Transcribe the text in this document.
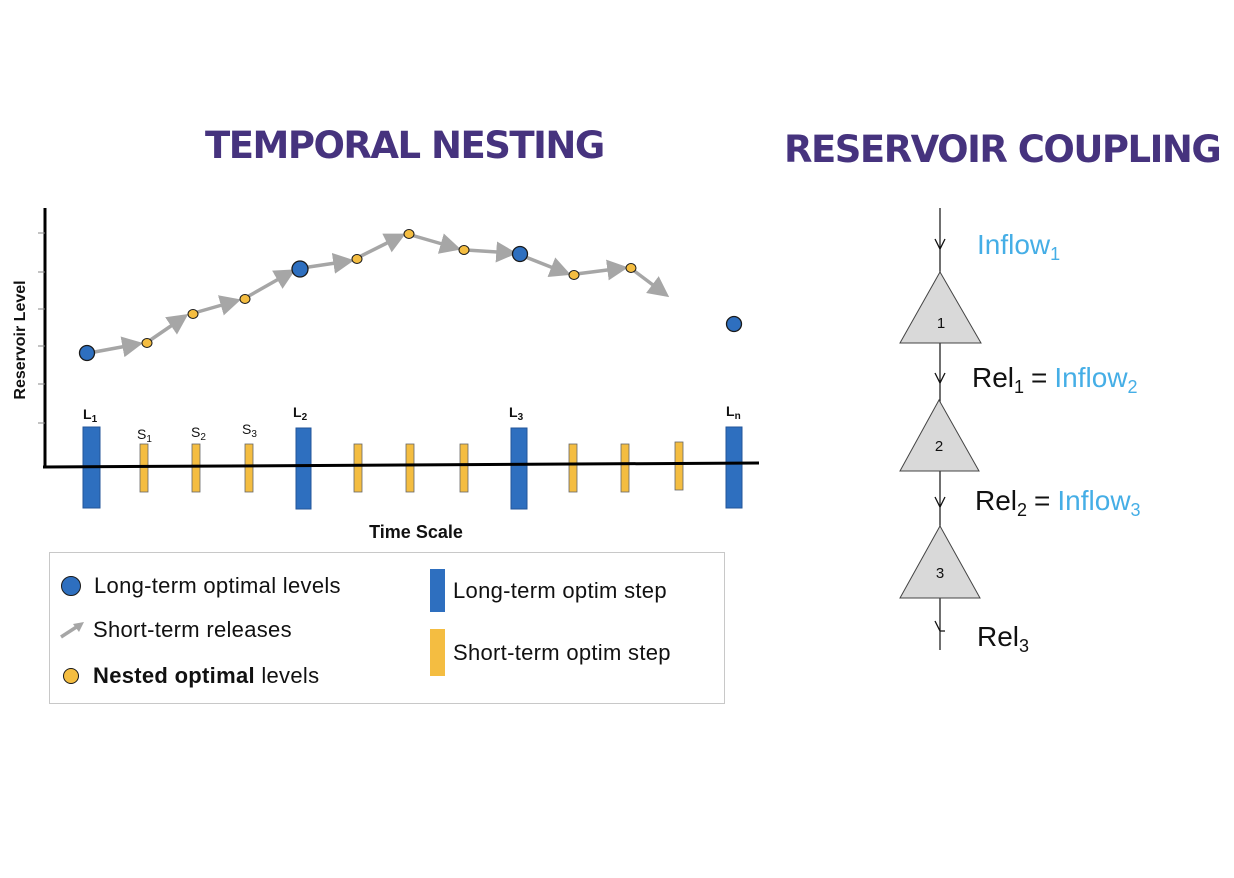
TEMPORAL NESTING	RESERVOIR COUPLING
Reservoir Level
Time Scale
$L_1$	$L_2$	$L_3$	$L_n$
$S_1$	$S_2$
$S_3$
1
2
3
Inflow$_1$
Rel$_1$ = Inflow$_2$
Rel$_2$ = Inflow$_3$
Rel$_3$
Long-term optimal levels
Short-term releases
Nested optimal levels
Long-term optim step
Short-term optim step
